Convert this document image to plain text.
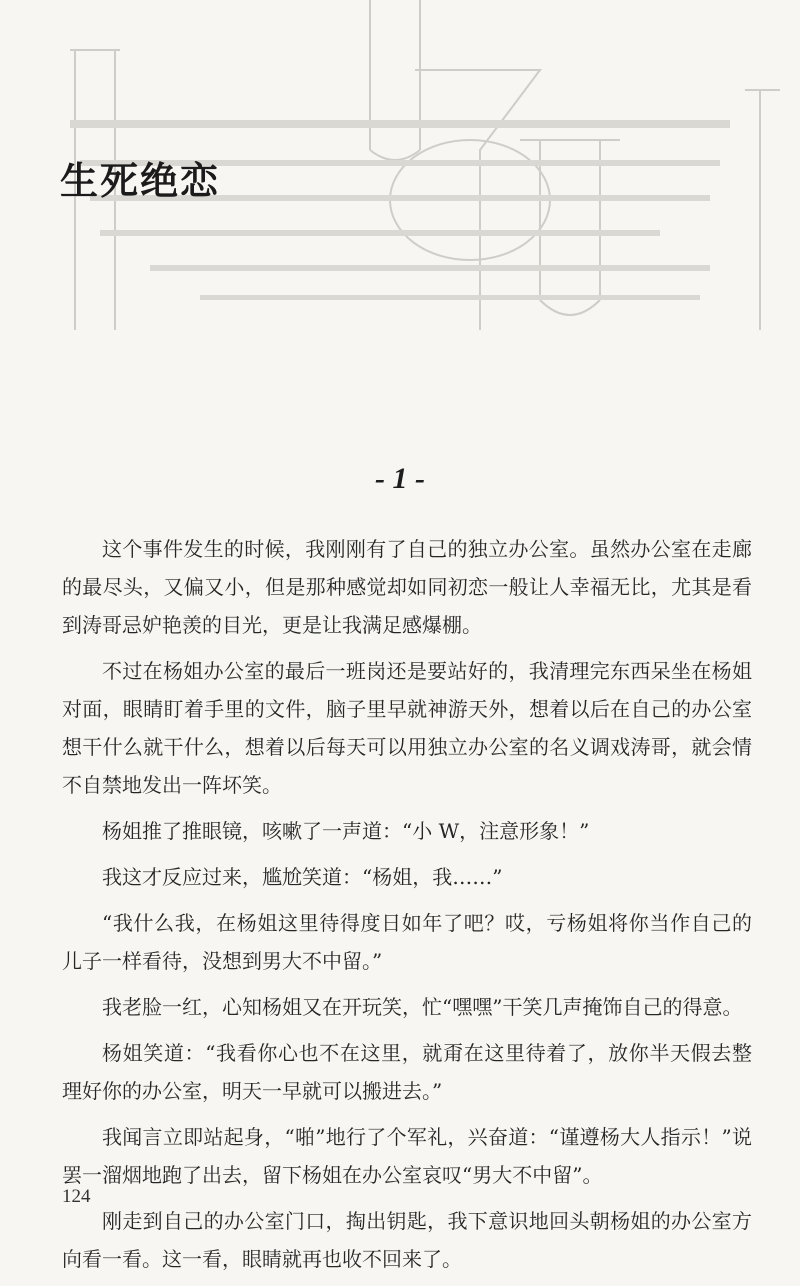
生死绝恋
- 1 -

这个事件发生的时候，我刚刚有了自己的独立办公室。虽然办公室在走廊的最尽头，又偏又小，但是那种感觉却如同初恋一般让人幸福无比，尤其是看到涛哥忌妒艳羡的目光，更是让我满足感爆棚。

不过在杨姐办公室的最后一班岗还是要站好的，我清理完东西呆坐在杨姐对面，眼睛盯着手里的文件，脑子里早就神游天外，想着以后在自己的办公室想干什么就干什么，想着以后每天可以用独立办公室的名义调戏涛哥，就会情不自禁地发出一阵坏笑。

杨姐推了推眼镜，咳嗽了一声道：“小 W，注意形象！”

我这才反应过来，尴尬笑道：“杨姐，我……”

“我什么我，在杨姐这里待得度日如年了吧？哎，亏杨姐将你当作自己的儿子一样看待，没想到男大不中留。”

我老脸一红，心知杨姐又在开玩笑，忙“嘿嘿”干笑几声掩饰自己的得意。

杨姐笑道：“我看你心也不在这里，就甭在这里待着了，放你半天假去整理好你的办公室，明天一早就可以搬进去。”

我闻言立即站起身，“啪”地行了个军礼，兴奋道：“谨遵杨大人指示！”说罢一溜烟地跑了出去，留下杨姐在办公室哀叹“男大不中留”。

刚走到自己的办公室门口，掏出钥匙，我下意识地回头朝杨姐的办公室方向看一看。这一看，眼睛就再也收不回来了。

124
